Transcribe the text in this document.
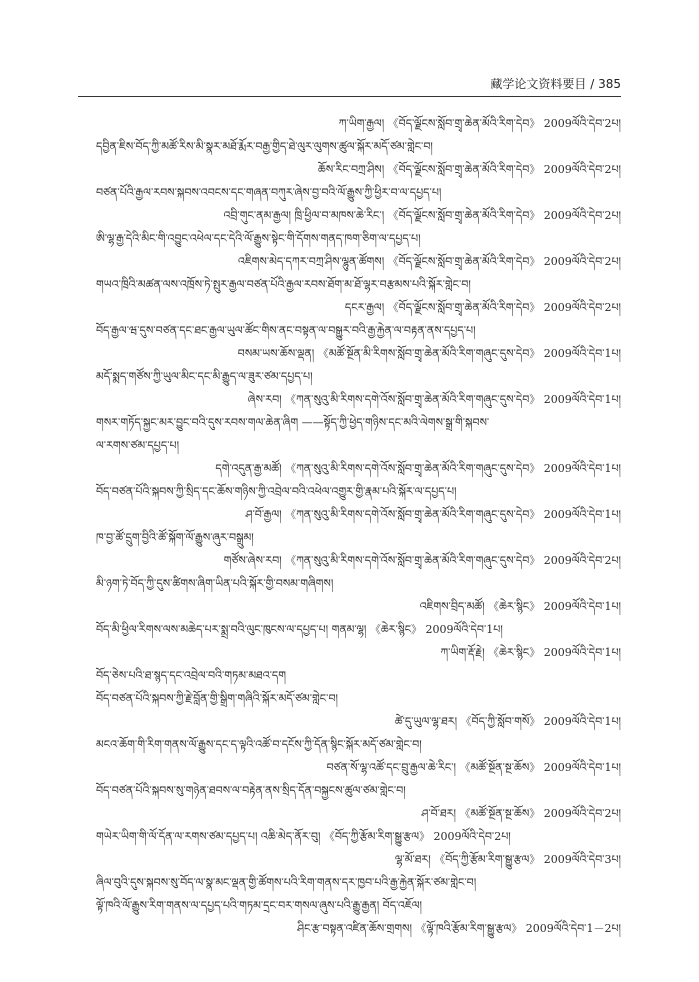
藏学论文资料要目 / 385
ཀ་ཡིག་རྒྱལ། 《བོད་ལྗོངས་སློབ་གྲྭ་ཆེན་མོའི་རིག་དེབ》 2009ལོའི་དེབ་2པ།
དབྱིན་ཇིས་བོད་ཀྱི་མཚོ་རིས་མི་སྣར་མཐོ་རྨོར་བརྒྱ་གྱིད་ཐེ་ལུར་ལུགས་ཚུལ་སྐོར་མདོ་ཙམ་གླེང་བ།
ཆོས་རིང་བཀྲ་ཤིས། 《བོད་ལྗོངས་སློབ་གྲྭ་ཆེན་མོའི་རིག་དེབ》 2009ལོའི་དེབ་2པ།
བཙན་པོའི་རྒྱལ་རབས་སྐབས་འབངས་དང་གཞན་བཀུར་ཞེས་བྱ་བའི་ལོ་རྒྱུས་ཀྱི་ཕྱིར་བ་ལ་དཔྱད་པ།
འབྲི་གུང་ནམ་རྒྱལ། ཁྲི་ཕྱིལ་བ་མཁས་ཆེ་རིང་། 《བོད་ལྗོངས་སློབ་གྲྭ་ཆེན་མོའི་རིག་དེབ》 2009ལོའི་དེབ་2པ།
ཨི་ལྷ་རྒྱ་དེའི་མིང་གི་འབྱུང་འཕེལ་དང་དེའི་ལོ་རྒྱུས་སྟེང་གི་དོགས་གནད་ཁག་ཅིག་ལ་དཔྱད་པ།
འཇིགས་མེད་དཀར་བཀྲ་ཤིས་ལྷུན་ཚོགས། 《བོད་ལྗོངས་སློབ་གྲྭ་ཆེན་མོའི་རིག་དེབ》 2009ལོའི་དེབ་2པ།
གཡའ་ཁྲིའི་མཚན་ལས་འཁྲོས་ཏེ་སྤུར་རྒྱལ་བཙན་པོའི་རྒྱལ་རབས་ཐོག་མ་ཐོ་ལྷར་བརྩམས་པའི་སྐོར་གླེང་བ།
དངར་རྒྱལ། 《བོད་ལྗོངས་སློབ་གྲྭ་ཆེན་མོའི་རིག་དེབ》 2009ལོའི་དེབ་2པ།
བོད་རྒྱལ་ཝ་དུས་བཙན་དང་ཐང་རྒྱལ་ཡུལ་ཚོང་གིས་ནང་བསྟན་ལ་བསྒྱུར་བའི་རྒྱ་རྐྱེན་ལ་བརྟན་ནས་དཔྱད་པ།
བསམ་ཡས་ཆོས་ལྡན། 《མཚོ་སྔོན་མི་རིགས་སློབ་གྲྭ་ཆེན་མོའི་རིག་གཞུང་དུས་དེབ》 2009ལོའི་དེབ་1པ།
མདོ་སྨད་གཙོས་ཀྱི་ཡུལ་མིང་དང་མི་རྒྱུད་ལ་ཟུར་ཙམ་དཔྱད་པ།
ཞེས་རབ། 《ཀན་སུའུ་མི་རིགས་དགེ་འོས་སློབ་གྲྭ་ཆེན་མོའི་རིག་གཞུང་དུས་དེབ》 2009ལོའི་དེབ་1པ།
གསར་གཏོད་སྐྱང་མར་བྱུང་བའི་དུས་རབས་གལ་ཆེན་ཞིག ——སྟོད་ཀྱི་ཕྱེད་གཉིས་དང་མའི་ལེགས་སྒྲ་གི་སྐབས་
ལ་རགས་ཙམ་དཔྱད་པ།
དགེ་འདུན་རྒྱ་མཚོ། 《ཀན་སུའུ་མི་རིགས་དགེ་འོས་སློབ་གྲྭ་ཆེན་མོའི་རིག་གཞུང་དུས་དེབ》 2009ལོའི་དེབ་1པ།
བོད་བཙན་པོའི་སྐབས་ཀྱི་སྲིད་དང་ཆོས་གཉིས་ཀྱི་འབྲེལ་བའི་འཕེལ་འགྱུར་གྱི་རྣམ་པའི་སྐོར་ལ་དཔྱད་པ།
ཤ་བོ་རྒྱལ། 《ཀན་སུའུ་མི་རིགས་དགེ་འོས་སློབ་གྲྭ་ཆེན་མོའི་རིག་གཞུང་དུས་དེབ》 2009ལོའི་དེབ་1པ།
ཁ་བྱ་ཚོ་དྲུག་བྱིའི་ཚོ་སྐོག་ལོ་རྒྱུས་ཞུར་བསྒྲུམ།
གཙོས་ཞེས་རབ། 《ཀན་སུའུ་མི་རིགས་དགེ་འོས་སློབ་གྲྭ་ཆེན་མོའི་རིག་གཞུང་དུས་དེབ》 2009ལོའི་དེབ་2པ།
མི་ཉག་ཏེ་བོད་ཀྱི་དུས་ཚིགས་ཞིག་ཡིན་པའི་སྐོར་གྱི་བསམ་གཞིགས།
འཇིགས་བྲིད་མཚོ། 《ཆེར་སྙིང》 2009ལོའི་དེབ་1པ།
བོད་མི་ཕྱིལ་རིགས་ལས་མཆེད་པར་སྨྲ་བའི་ལུང་ཁུངས་ལ་དཔྱད་པ། གནམ་ལྷ། 《ཆེར་སྙིང》 2009ལོའི་དེབ་1པ།
ཀ་ཡིག་རྡོ་རྗེ། 《ཆེར་སྙིང》 2009ལོའི་དེབ་1པ།
བོད་ཅེས་པའི་ཐ་སྙད་དང་འབྲེལ་བའི་གཏམ་མཐའ་དག
བོད་བཙན་པོའི་སྐབས་ཀྱི་རྗེ་བློན་གྱི་སྒྲིག་གཞིའི་སྐོར་མདོ་ཙམ་གླེང་བ།
ཚེ་དུ་ཡུལ་ལྷ་ཐར། 《བོད་ཀྱི་སློབ་གསོ》 2009ལོའི་དེབ་1པ།
མངའ་ཆོག་གི་རིག་གནས་ལོ་རྒྱུས་དང་ད་ལྟའི་འཚོ་བ་དངོས་ཀྱི་དོན་སྙིང་སྐོར་མདོ་ཙམ་གླེང་བ།
བཙན་སོ་ལྷ་འཚོ་དང་བྲུ་རྒྱལ་ཆེ་རིང་། 《མཚོ་སྔོན་སྔ་ཆོས》 2009ལོའི་དེབ་1པ།
བོད་བཙན་པོའི་སྐབས་སུ་གཉེན་ཐབས་ལ་བརྟེན་ནས་སྲིད་དོན་བསྐྱངས་ཚུལ་ཙམ་གླེང་བ།
ཤ་བོ་ཐར། 《མཚོ་སྔོན་སྔ་ཆོས》 2009ལོའི་དེབ་2པ།
གཡེར་ཡིག་གི་ལོ་དོན་ལ་རགས་ཙམ་དཔྱད་པ། འཆི་མེད་ནོར་བུ། 《བོད་ཀྱི་རྩོམ་རིག་སྒྱུ་རྩལ》 2009ལོའི་དེབ་2པ།
ལྷ་མོ་ཐར། 《བོད་ཀྱི་རྩོམ་རིག་སྒྱུ་རྩལ》 2009ལོའི་དེབ་3པ།
ཞིལ་བུའི་དུས་སྐབས་སུ་བོད་ལ་སྣ་མང་ལྡན་གྱི་ཚོགས་པའི་རིག་གནས་དར་ཁྱབ་པའི་རྒྱ་རྐྱེན་སྐོར་ཙམ་གླེང་བ།
ལྟོ་ཁའི་ལོ་རྒྱུས་རིག་གནས་ལ་དཔྱད་པའི་གཏམ་དྲང་བར་གསལ་ཞུས་པའི་རྒྱུ་རྒྱན། བོད་འཇོལ།
ཤིང་རྩ་བསྟན་འཛིན་ཆོས་གྲགས། 《ལྟོ་ཁའི་རྩོམ་རིག་སྒྱུ་རྩལ》 2009ལོའི་དེབ་1－2པ།
